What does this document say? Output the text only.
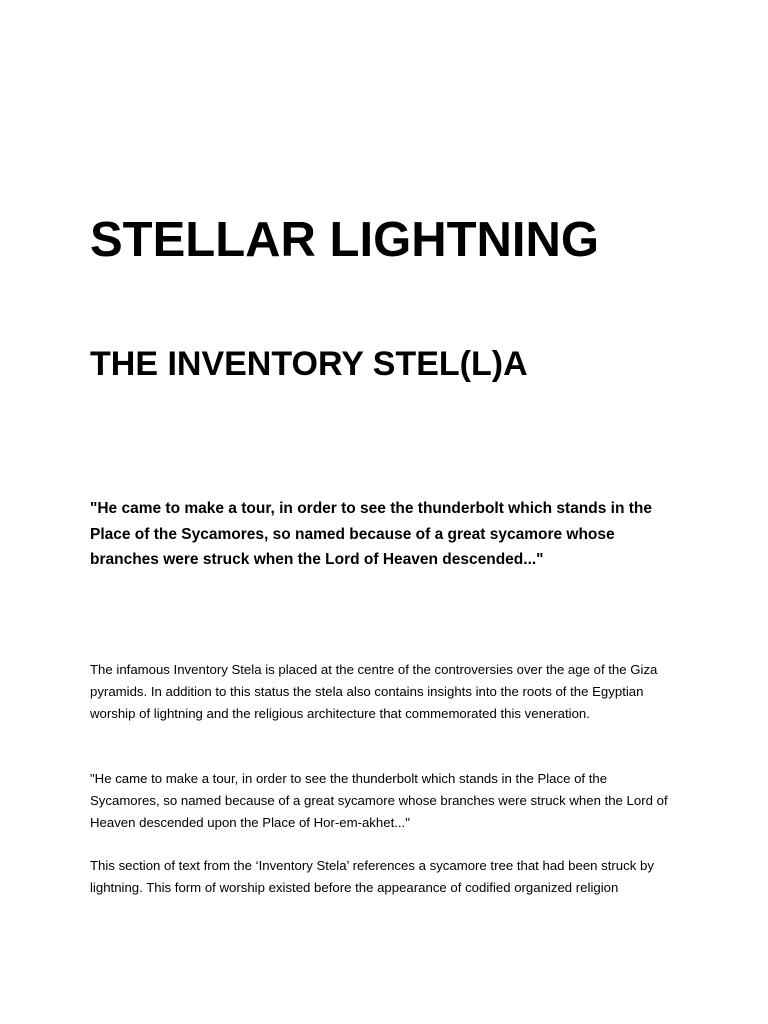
STELLAR LIGHTNING
THE INVENTORY STEL(L)A

"He came to make a tour, in order to see the thunderbolt which stands in the Place of the Sycamores, so named because of a great sycamore whose branches were struck when the Lord of Heaven descended..."

The infamous Inventory Stela is placed at the centre of the controversies over the age of the Giza pyramids. In addition to this status the stela also contains insights into the roots of the Egyptian worship of lightning and the religious architecture that commemorated this veneration.

"He came to make a tour, in order to see the thunderbolt which stands in the Place of the Sycamores, so named because of a great sycamore whose branches were struck when the Lord of Heaven descended upon the Place of Hor-em-akhet..."

This section of text from the ‘Inventory Stela’ references a sycamore tree that had been struck by lightning. This form of worship existed before the appearance of codified organized religion
